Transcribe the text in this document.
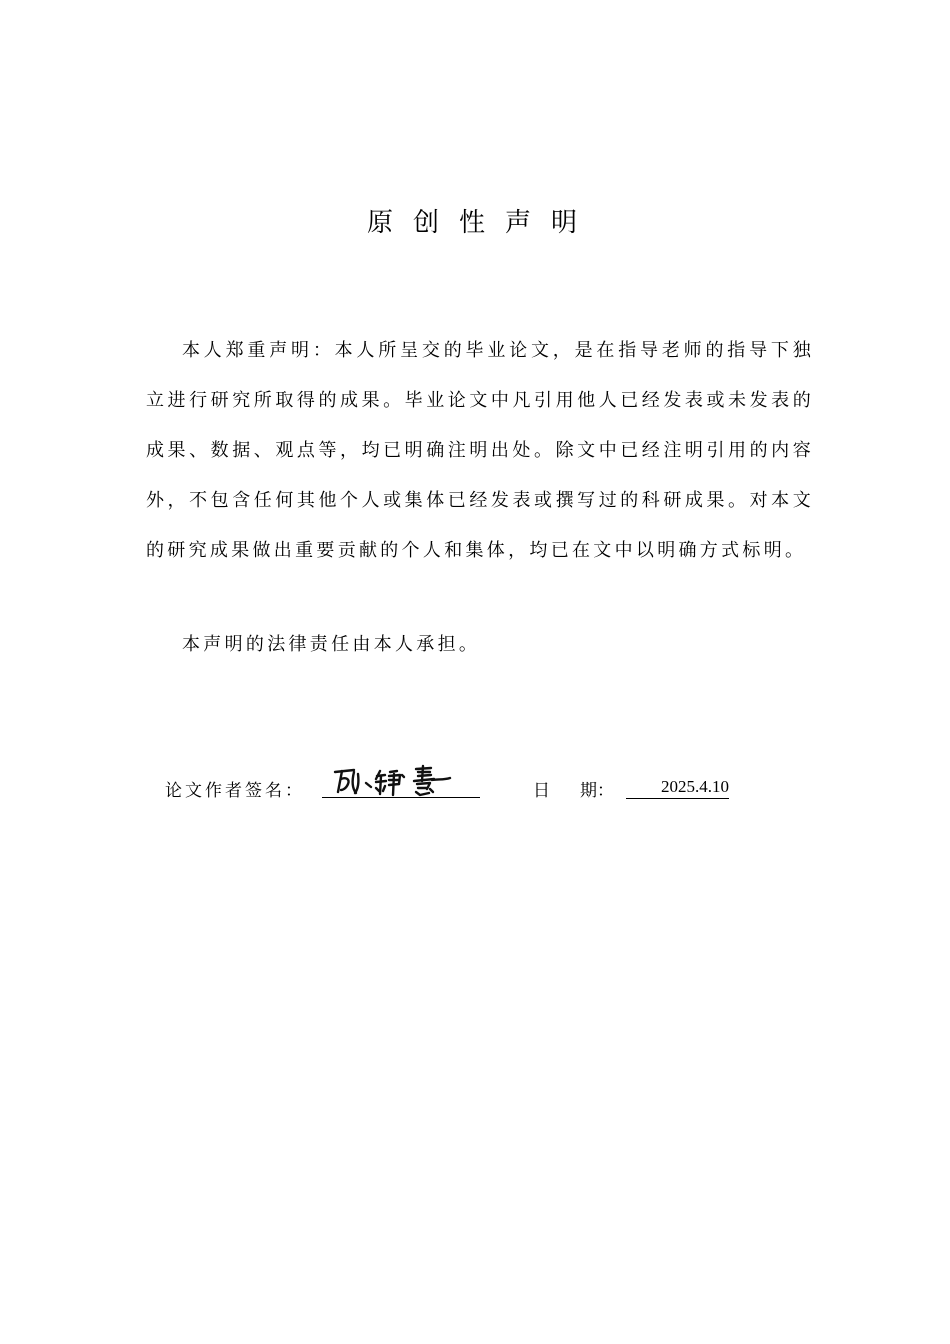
原创性声明
本人郑重声明：本人所呈交的毕业论文，是在指导老师的指导下独立进行研究所取得的成果。毕业论文中凡引用他人已经发表或未发表的成果、数据、观点等，均已明确注明出处。除文中已经注明引用的内容外，不包含任何其他个人或集体已经发表或撰写过的科研成果。对本文的研究成果做出重要贡献的个人和集体，均已在文中以明确方式标明。
本声明的法律责任由本人承担。
论文作者签名：	日 期：	2025.4.10
